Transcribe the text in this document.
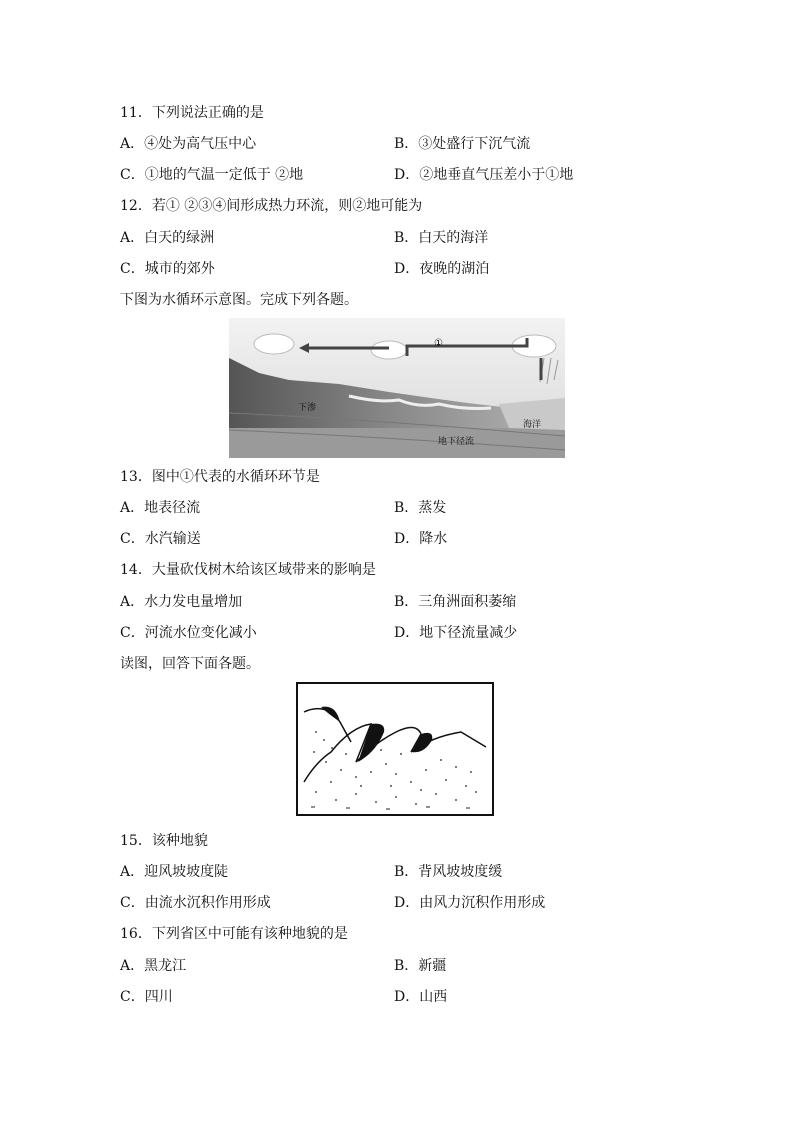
11．下列说法正确的是
A．④处为高气压中心	B．③处盛行下沉气流
C．①地的气温一定低于 ②地	D．②地垂直气压差小于①地
12．若① ②③④间形成热力环流，则②地可能为
A．白天的绿洲	B．白天的海洋
C．城市的郊外	D．夜晚的湖泊
下图为水循环示意图。完成下列各题。
①
下渗
地下径流
海洋
13．图中①代表的水循环环节是
A．地表径流	B．蒸发
C．水汽输送	D．降水
14．大量砍伐树木给该区域带来的影响是
A．水力发电量增加	B．三角洲面积萎缩
C．河流水位变化减小	D．地下径流量减少
读图，回答下面各题。
15．该种地貌
A．迎风坡坡度陡	B．背风坡坡度缓
C．由流水沉积作用形成	D．由风力沉积作用形成
16．下列省区中可能有该种地貌的是
A．黑龙江	B．新疆
C．四川	D．山西
